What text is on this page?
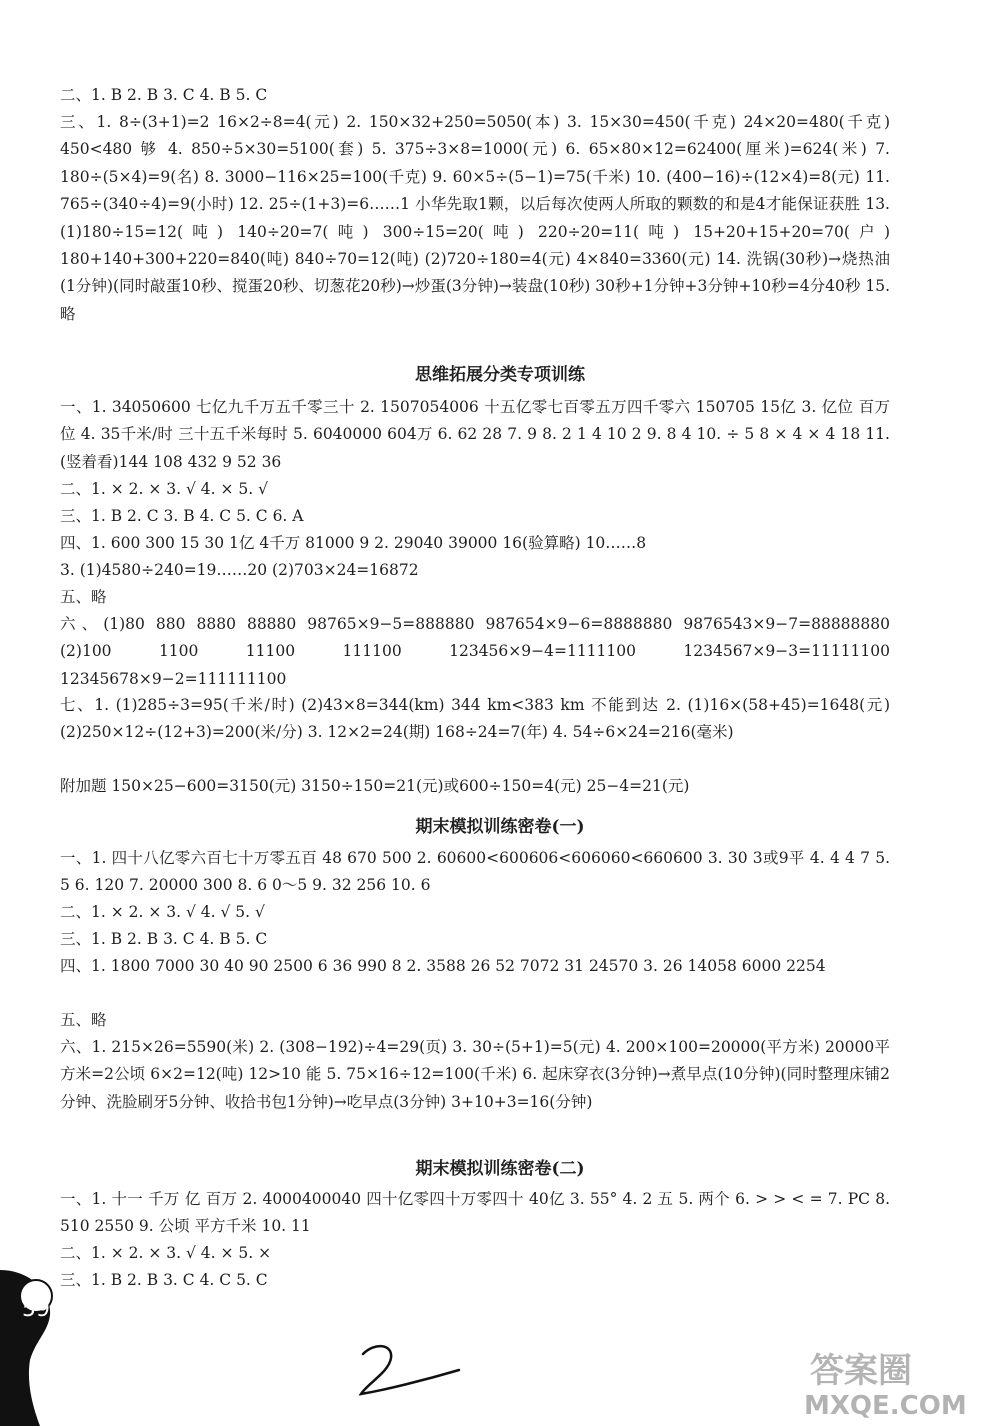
二、1. B 2. B 3. C 4. B 5. C

三、1. 8÷(3+1)=2 16×2÷8=4(元) 2. 150×32+250=5050(本) 3. 15×30=450(千克) 24×20=480(千克) 450<480 够 4. 850÷5×30=5100(套) 5. 375÷3×8=1000(元) 6. 65×80×12=62400(厘米)=624(米) 7. 180÷(5×4)=9(名) 8. 3000−116×25=100(千克) 9. 60×5÷(5−1)=75(千米) 10. (400−16)÷(12×4)=8(元) 11. 765÷(340÷4)=9(小时) 12. 25÷(1+3)=6……1 小华先取1颗，以后每次使两人所取的颗数的和是4才能保证获胜 13. (1)180÷15=12(吨) 140÷20=7(吨) 300÷15=20(吨) 220÷20=11(吨) 15+20+15+20=70(户) 180+140+300+220=840(吨) 840÷70=12(吨) (2)720÷180=4(元) 4×840=3360(元) 14. 洗锅(30秒)→烧热油(1分钟)(同时敲蛋10秒、搅蛋20秒、切葱花20秒)→炒蛋(3分钟)→装盘(10秒) 30秒+1分钟+3分钟+10秒=4分40秒 15. 略

思维拓展分类专项训练

一、1. 34050600 七亿九千万五千零三十 2. 1507054006 十五亿零七百零五万四千零六 150705 15亿 3. 亿位 百万位 4. 35千米/时 三十五千米每时 5. 6040000 604万 6. 62 28 7. 9 8. 2 1 4 10 2 9. 8 4 10. ÷ 5 8 × 4 × 4 18 11. (竖着看)144 108 432 9 52 36

二、1. × 2. × 3. √ 4. × 5. √

三、1. B 2. C 3. B 4. C 5. C 6. A

四、1. 600 300 15 30 1亿 4千万 81000 9 2. 29040 39000 16(验算略) 10……8

3. (1)4580÷240=19……20 (2)703×24=16872

五、略

六、(1)80 880 8880 88880 98765×9−5=888880 987654×9−6=8888880 9876543×9−7=88888880 (2)100 1100 11100 111100 123456×9−4=1111100 1234567×9−3=11111100 12345678×9−2=111111100

七、1. (1)285÷3=95(千米/时) (2)43×8=344(km) 344 km<383 km 不能到达 2. (1)16×(58+45)=1648(元) (2)250×12÷(12+3)=200(米/分) 3. 12×2=24(期) 168÷24=7(年) 4. 54÷6×24=216(毫米)

附加题 150×25−600=3150(元) 3150÷150=21(元)或600÷150=4(元) 25−4=21(元)

期末模拟训练密卷(一)

一、1. 四十八亿零六百七十万零五百 48 670 500 2. 60600<600606<606060<660600 3. 30 3或9平 4. 4 4 7 5. 5 6. 120 7. 20000 300 8. 6 0～5 9. 32 256 10. 6

二、1. × 2. × 3. √ 4. √ 5. √

三、1. B 2. B 3. C 4. B 5. C

四、1. 1800 7000 30 40 90 2500 6 36 990 8 2. 3588 26 52 7072 31 24570 3. 26 14058 6000 2254

五、略

六、1. 215×26=5590(米) 2. (308−192)÷4=29(页) 3. 30÷(5+1)=5(元) 4. 200×100=20000(平方米) 20000平方米=2公顷 6×2=12(吨) 12>10 能 5. 75×16÷12=100(千米) 6. 起床穿衣(3分钟)→煮早点(10分钟)(同时整理床铺2分钟、洗脸刷牙5分钟、收拾书包1分钟)→吃早点(3分钟) 3+10+3=16(分钟)

期末模拟训练密卷(二)

一、1. 十一 千万 亿 百万 2. 4000400040 四十亿零四十万零四十 40亿 3. 55° 4. 2 五 5. 两个 6. > > < = 7. PC 8. 510 2550 9. 公顷 平方千米 10. 11

二、1. × 2. × 3. √ 4. × 5. ×

三、1. B 2. B 3. C 4. C 5. C

59
答案圈
MXQE.COM
